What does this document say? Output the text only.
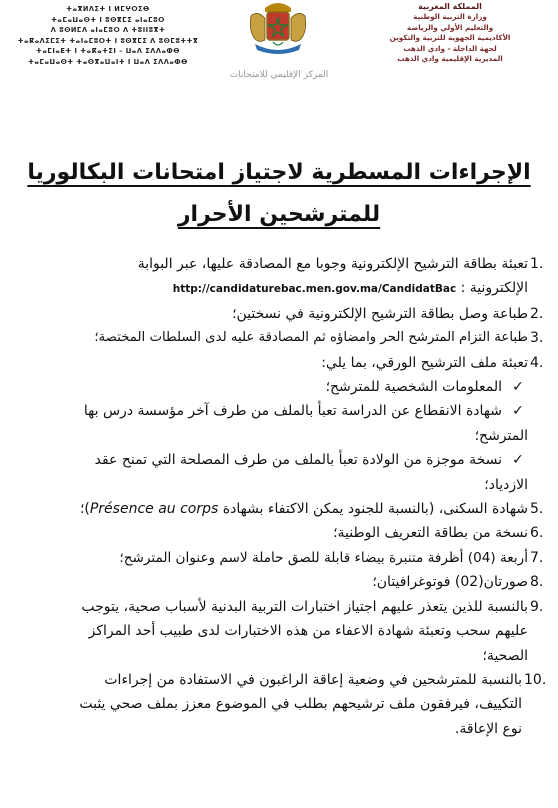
ⵜⴰⴳⵍⴷⵉⵜ ⵏ ⵍⵎⵖⵔⵉⴱ
ⵜⴰⵎⴰⵡⴰⵙⵜ ⵏ ⵓⵙⴳⵎⵉ ⴰⵏⴰⵎⵓⵔ
ⴷ ⵓⵙⵍⵎⴷ ⴰⵏⴰⵎⵓⵔ ⴷ ⵜⵓⵏⵏⵓⴳⵜ
ⵜⴰⴽⴰⴷⵉⵎⵉⵜ ⵜⴰⵏⴰⵎⵓⵔⵜ ⵏ ⵓⵙⴳⵎⵉ ⴷ ⵓⵙⵎⵓⵜⵜⴳ
ⵜⴰⵎⵏⴰⴹⵜ ⵏ ⵜⴰⴽⴰⵜⵉⵏ – ⵡⴰⴷ ⵉⴷⴷⴰⵀⴱ
ⵜⴰⵎⴰⵡⴰⵙⵜ ⵜⴰⵙⴳⴰⵡⴰⵏⵜ ⵏ ⵡⴰⴷ ⵉⴷⴷⴰⵀⴱ
المملكة المغربية
وزارة التربية الوطنية
والتعليم الأولي والرياضة
الأكاديمية الجهوية للتربية والتكوين
لجهة الداخلة - وادي الذهب
المديرية الإقليمية وادي الذهب
المركز الإقليمي للامتحانات
الإجراءات المسطرية لاجتياز امتحانات البكالوريا
للمترشحين الأحرار
1.
تعبئة بطاقة الترشيح الإلكترونية وجوبا مع المصادقة عليها، عبر البوابة
الإلكترونية : http://candidaturebac.men.gov.ma/CandidatBac
2.
طباعة وصل بطاقة الترشيح الإلكترونية في نسختين؛
3.
طباعة التزام المترشح الحر وامضاؤه ثم المصادقة عليه لدى السلطات المختصة؛
4.
تعبئة ملف الترشيح الورقي، بما يلي:
✓
المعلومات الشخصية للمترشح؛
✓
شهادة الانقطاع عن الدراسة تعبأ بالملف من طرف آخر مؤسسة درس بها
المترشح؛
✓
نسخة موجزة من الولادة تعبأ بالملف من طرف المصلحة التي تمنح عقد
الازدياد؛
5.
شهادة السكنى، (بالنسبة للجنود يمكن الاكتفاء بشهادة Présence au corps)؛
6.
نسخة من بطاقة التعريف الوطنية؛
7.
أربعة (04) أظرفة متنبرة بيضاء قابلة للصق حاملة لاسم وعنوان المترشح؛
8.
صورتان(02) فوتوغرافيتان؛
9.
بالنسبة للذين يتعذر عليهم اجتياز اختبارات التربية البدنية لأسباب صحية، يتوجب
عليهم سحب وتعبئة شهادة الاعفاء من هذه الاختبارات لدى طبيب أحد المراكز
الصحية؛
10.
بالنسبة للمترشحين في وضعية إعاقة الراغبون في الاستفادة من إجراءات
التكييف، فيرفقون ملف ترشيحهم بطلب في الموضوع معزز بملف صحي يثبت
نوع الإعاقة.
